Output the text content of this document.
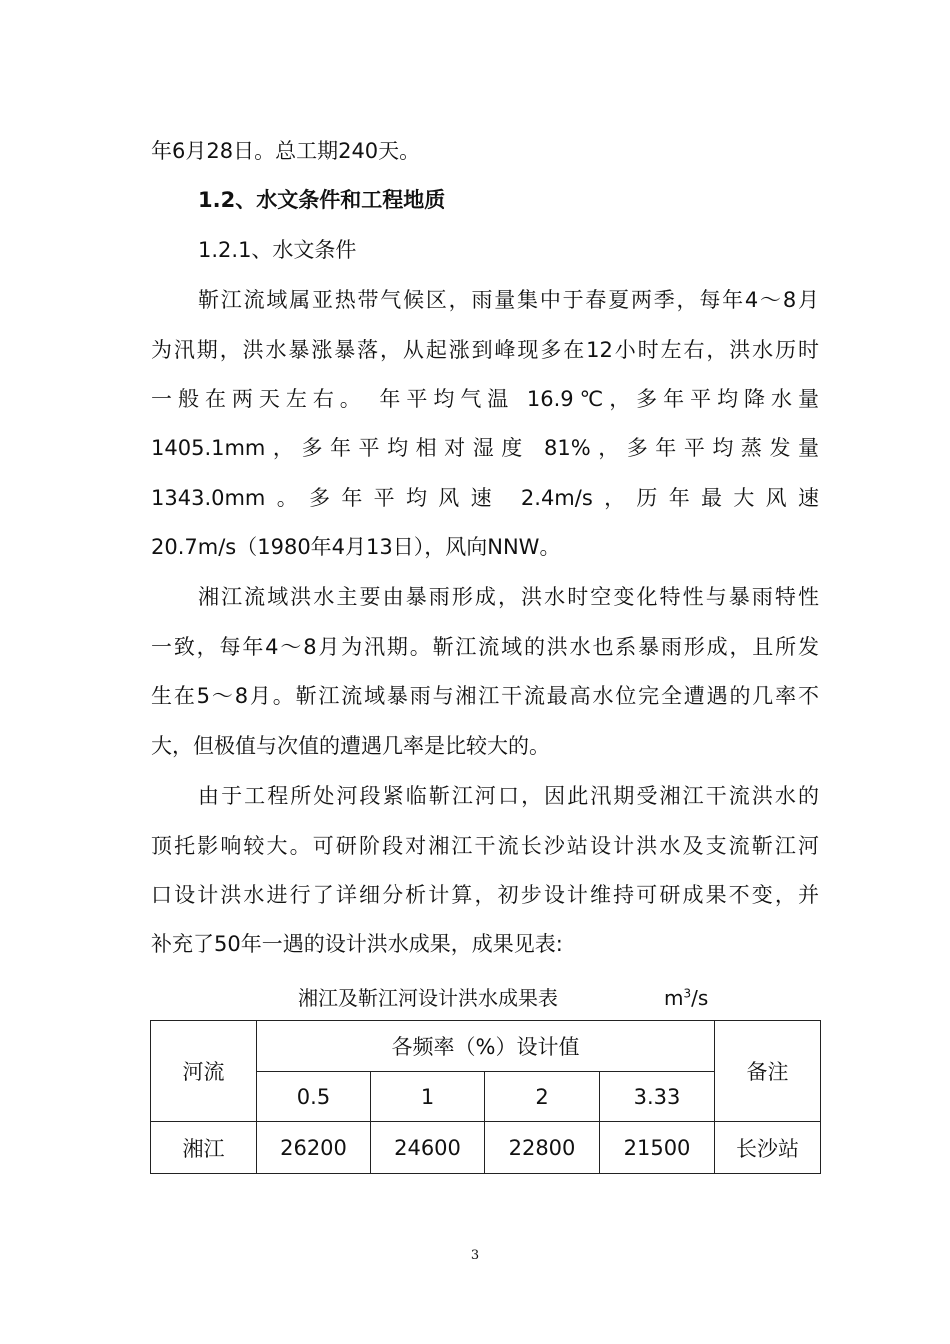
年6月28日。总工期240天。
1.2、水文条件和工程地质
1.2.1、水文条件
靳江流域属亚热带气候区，雨量集中于春夏两季，每年4～8月
为汛期，洪水暴涨暴落，从起涨到峰现多在12小时左右，洪水历时
一般在两天左右。 年平均气温 16.9℃，多年平均降水量
1405.1mm，多年平均相对湿度 81%，多年平均蒸发量
1343.0mm。多年平均风速 2.4m/s，历年最大风速
20.7m/s（1980年4月13日），风向NNW。
湘江流域洪水主要由暴雨形成，洪水时空变化特性与暴雨特性
一致，每年4～8月为汛期。靳江流域的洪水也系暴雨形成，且所发
生在5～8月。靳江流域暴雨与湘江干流最高水位完全遭遇的几率不
大，但极值与次值的遭遇几率是比较大的。
由于工程所处河段紧临靳江河口，因此汛期受湘江干流洪水的
顶托影响较大。可研阶段对湘江干流长沙站设计洪水及支流靳江河
口设计洪水进行了详细分析计算，初步设计维持可研成果不变，并
补充了50年一遇的设计洪水成果，成果见表:
湘江及靳江河设计洪水成果表	$m^3/s$
河流	各频率（%）设计值				备注
	0.5	1	2	3.33	
湘江	26200	24600	22800	21500	长沙站
3
